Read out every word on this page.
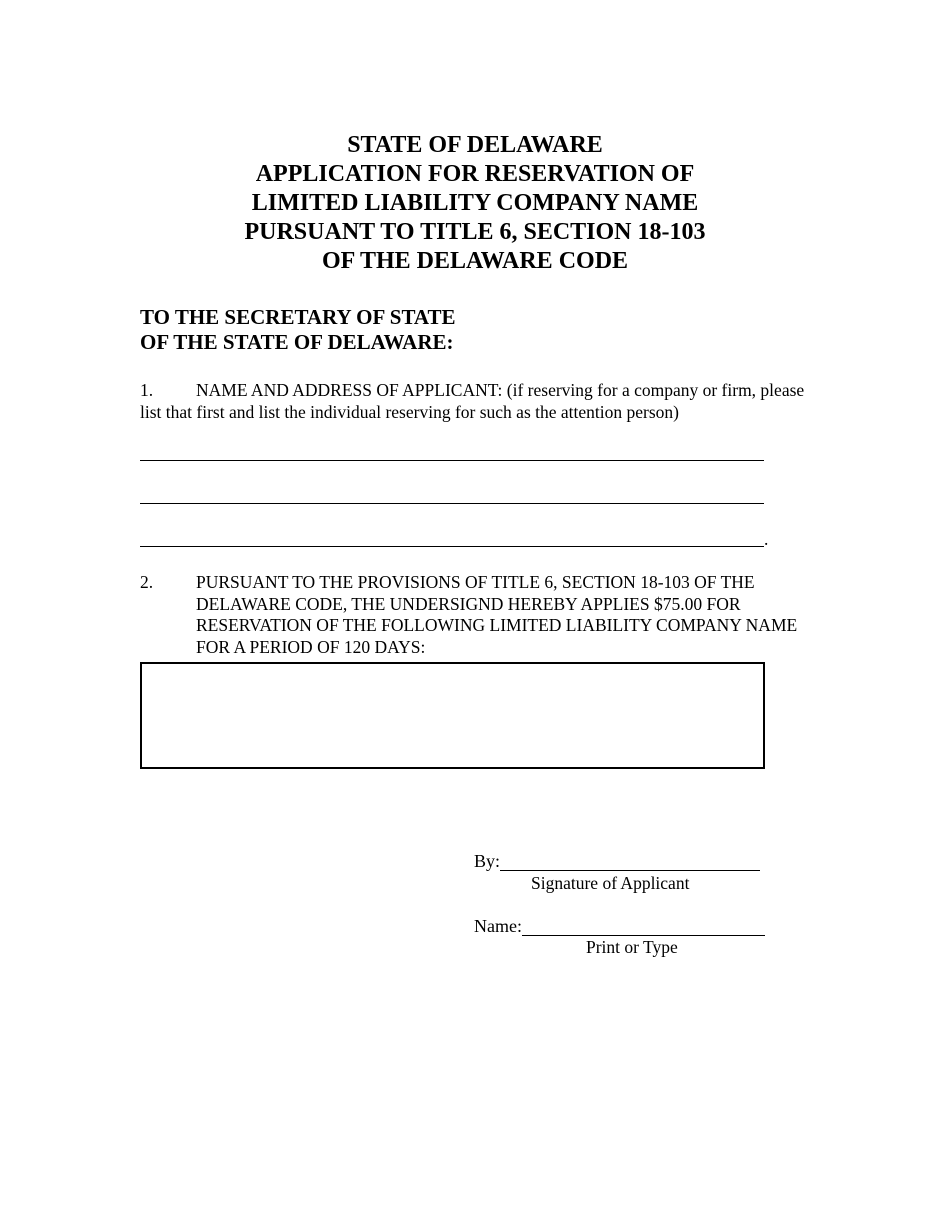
STATE OF DELAWARE
APPLICATION FOR RESERVATION OF
LIMITED LIABILITY COMPANY NAME
PURSUANT TO TITLE 6, SECTION 18-103
OF THE DELAWARE CODE
TO THE SECRETARY OF STATE
OF THE STATE OF DELAWARE:
1. NAME AND ADDRESS OF APPLICANT: (if reserving for a company or firm, please list that first and list the individual reserving for such as the attention person)
.
2.	PURSUANT TO THE PROVISIONS OF TITLE 6, SECTION 18-103 OF THE DELAWARE CODE, THE UNDERSIGND HEREBY APPLIES $75.00 FOR RESERVATION OF THE FOLLOWING LIMITED LIABILITY COMPANY NAME FOR A PERIOD OF 120 DAYS:
By:
Signature of Applicant
Name:
Print or Type
